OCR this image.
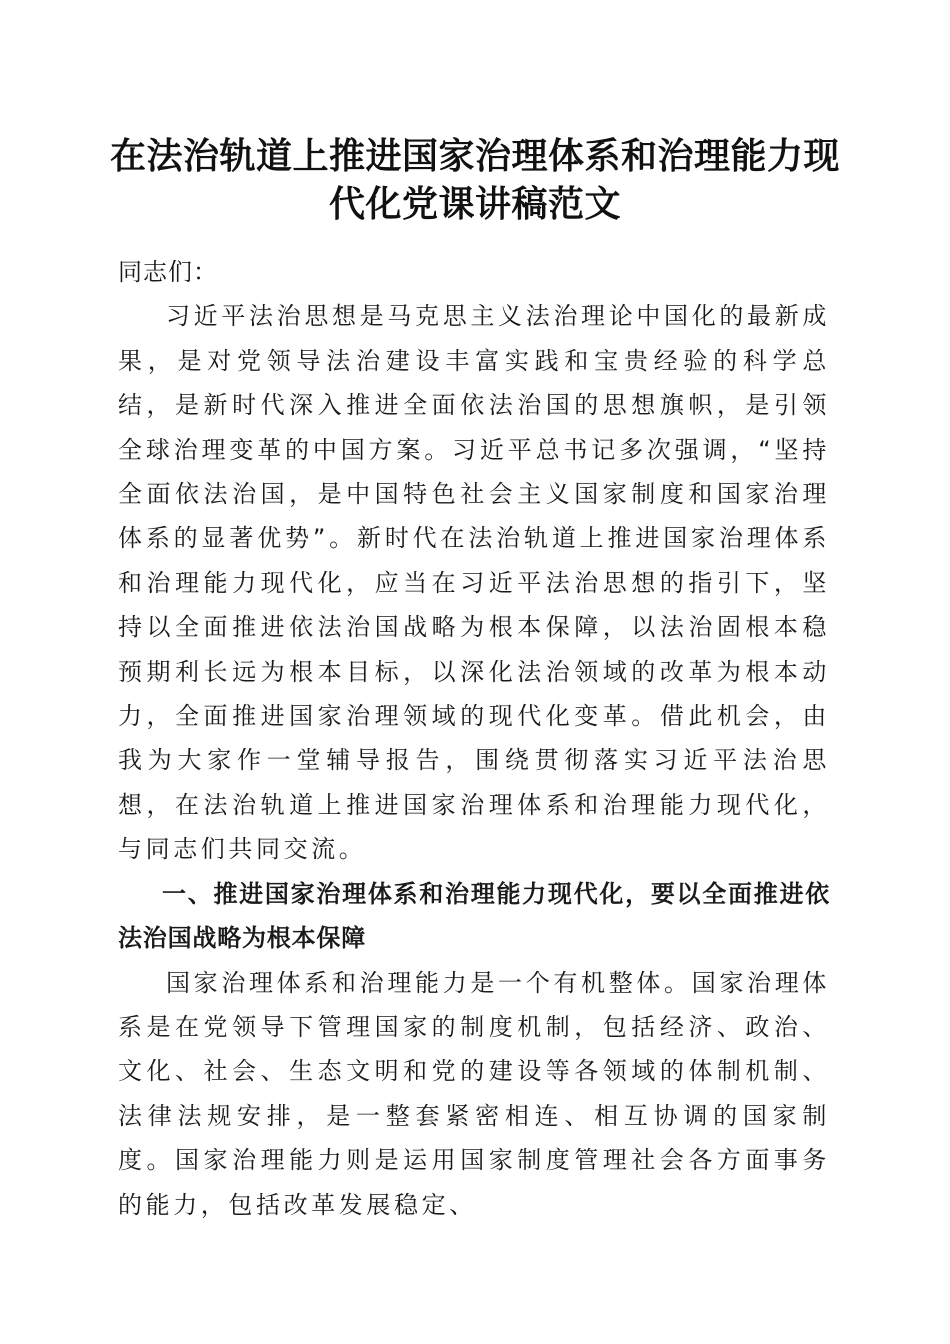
在法治轨道上推进国家治理体系和治理能力现
代化党课讲稿范文

同志们：

习近平法治思想是马克思主义法治理论中国化的最新成果，是对党领导法治建设丰富实践和宝贵经验的科学总结，是新时代深入推进全面依法治国的思想旗帜，是引领全球治理变革的中国方案。习近平总书记多次强调，“坚持全面依法治国，是中国特色社会主义国家制度和国家治理体系的显著优势”。新时代在法治轨道上推进国家治理体系和治理能力现代化，应当在习近平法治思想的指引下，坚持以全面推进依法治国战略为根本保障，以法治固根本稳预期利长远为根本目标，以深化法治领域的改革为根本动力，全面推进国家治理领域的现代化变革。借此机会，由我为大家作一堂辅导报告，围绕贯彻落实习近平法治思想，在法治轨道上推进国家治理体系和治理能力现代化，与同志们共同交流。

一、推进国家治理体系和治理能力现代化，要以全面推进依法治国战略为根本保障

国家治理体系和治理能力是一个有机整体。国家治理体系是在党领导下管理国家的制度机制，包括经济、政治、文化、社会、生态文明和党的建设等各领域的体制机制、法律法规安排，是一整套紧密相连、相互协调的国家制度。国家治理能力则是运用国家制度管理社会各方面事务的能力，包括改革发展稳定、
